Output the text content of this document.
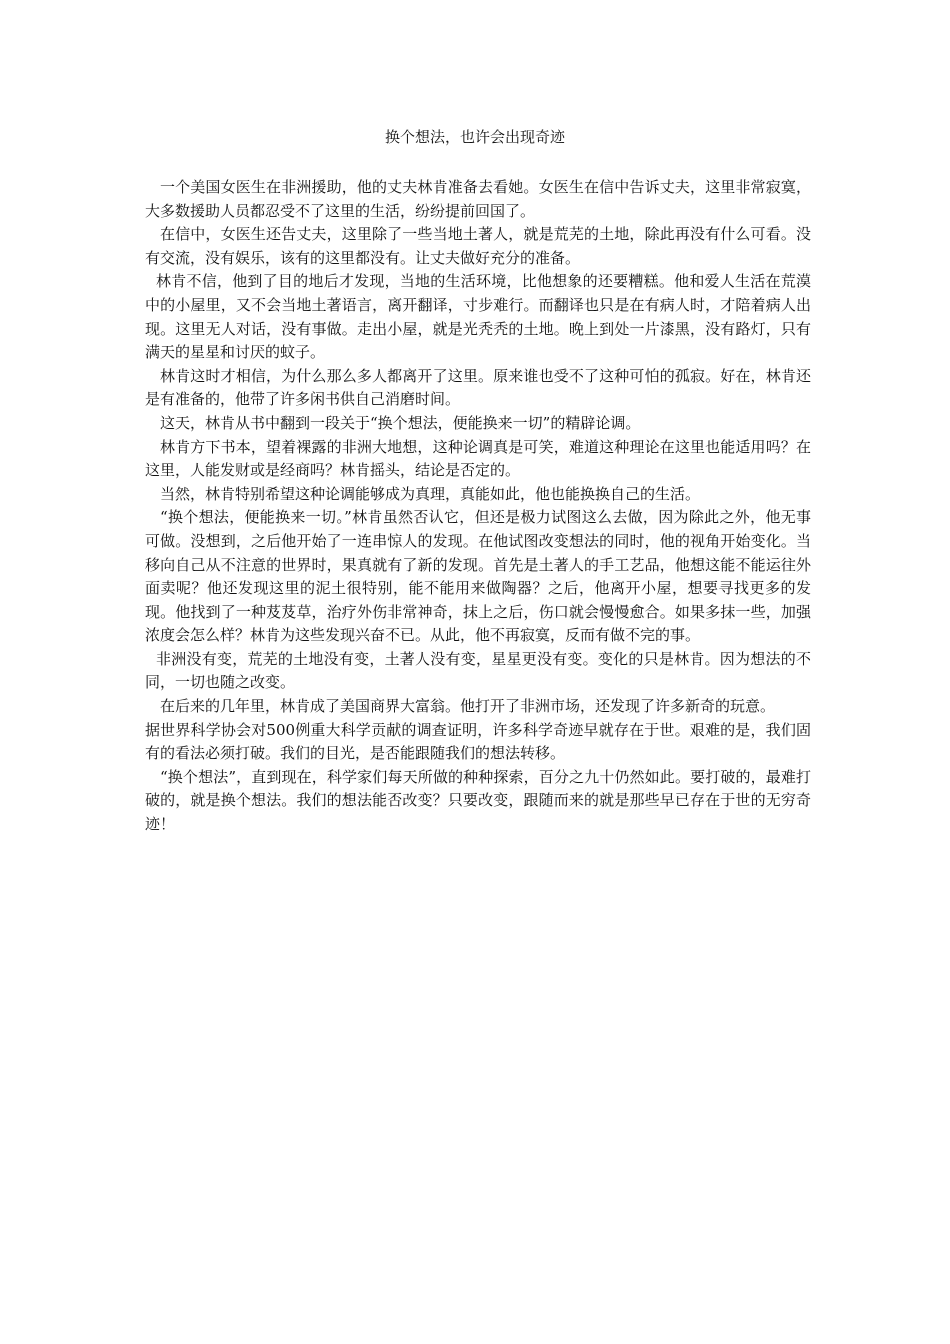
换个想法，也许会出现奇迹

一个美国女医生在非洲援助，他的丈夫林肯准备去看她。女医生在信中告诉丈夫，这里非常寂寞，大多数援助人员都忍受不了这里的生活，纷纷提前回国了。

在信中，女医生还告丈夫，这里除了一些当地土著人，就是荒芜的土地，除此再没有什么可看。没有交流，没有娱乐，该有的这里都没有。让丈夫做好充分的准备。

林肯不信，他到了目的地后才发现，当地的生活环境，比他想象的还要糟糕。他和爱人生活在荒漠中的小屋里，又不会当地土著语言，离开翻译，寸步难行。而翻译也只是在有病人时，才陪着病人出现。这里无人对话，没有事做。走出小屋，就是光秃秃的土地。晚上到处一片漆黑，没有路灯，只有满天的星星和讨厌的蚊子。

林肯这时才相信，为什么那么多人都离开了这里。原来谁也受不了这种可怕的孤寂。好在，林肯还是有准备的，他带了许多闲书供自己消磨时间。

这天，林肯从书中翻到一段关于“换个想法，便能换来一切”的精辟论调。

林肯方下书本，望着裸露的非洲大地想，这种论调真是可笑，难道这种理论在这里也能适用吗？在这里，人能发财或是经商吗？林肯摇头，结论是否定的。

当然，林肯特别希望这种论调能够成为真理，真能如此，他也能换换自己的生活。

“换个想法，便能换来一切。”林肯虽然否认它，但还是极力试图这么去做，因为除此之外，他无事可做。没想到，之后他开始了一连串惊人的发现。在他试图改变想法的同时，他的视角开始变化。当移向自己从不注意的世界时，果真就有了新的发现。首先是土著人的手工艺品，他想这能不能运往外面卖呢？他还发现这里的泥土很特别，能不能用来做陶器？之后，他离开小屋，想要寻找更多的发现。他找到了一种芨芨草，治疗外伤非常神奇，抹上之后，伤口就会慢慢愈合。如果多抹一些，加强浓度会怎么样？林肯为这些发现兴奋不已。从此，他不再寂寞，反而有做不完的事。

非洲没有变，荒芜的土地没有变，土著人没有变，星星更没有变。变化的只是林肯。因为想法的不同，一切也随之改变。

在后来的几年里，林肯成了美国商界大富翁。他打开了非洲市场，还发现了许多新奇的玩意。

据世界科学协会对500例重大科学贡献的调查证明，许多科学奇迹早就存在于世。艰难的是，我们固有的看法必须打破。我们的目光，是否能跟随我们的想法转移。

“换个想法”，直到现在，科学家们每天所做的种种探索，百分之九十仍然如此。要打破的，最难打破的，就是换个想法。我们的想法能否改变？只要改变，跟随而来的就是那些早已存在于世的无穷奇迹！
